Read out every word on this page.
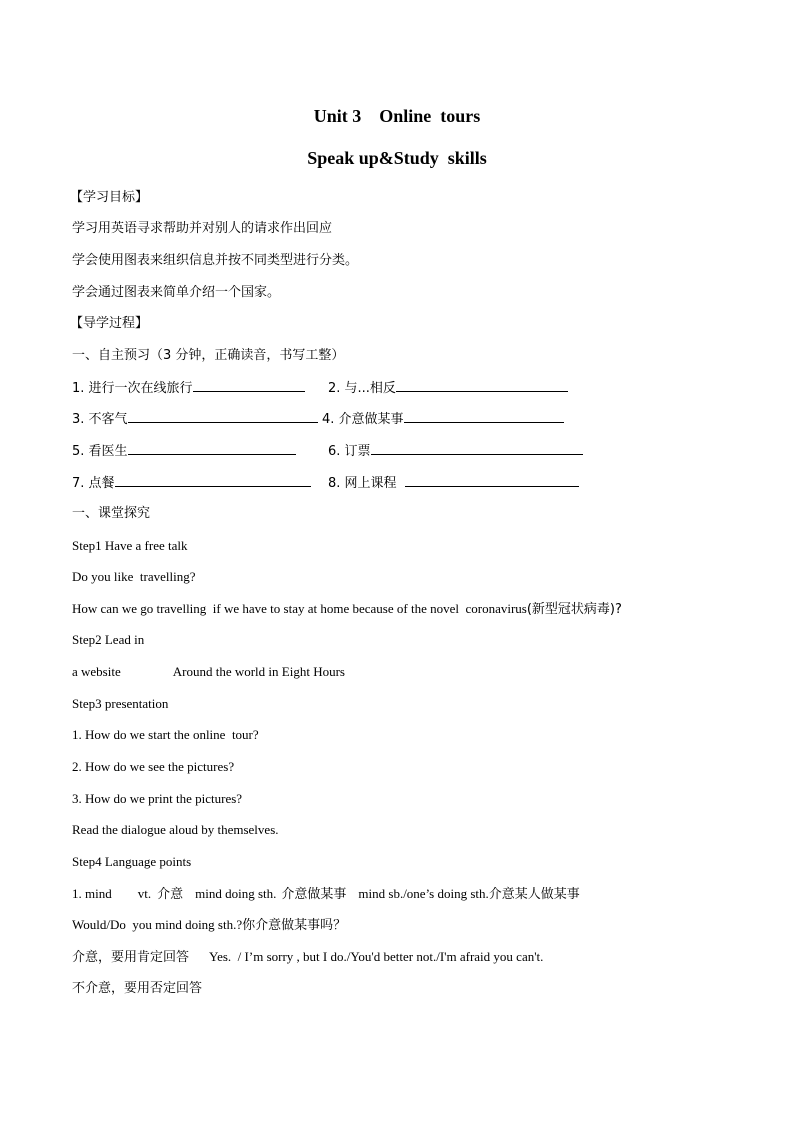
Unit 3    Online  tours
Speak up&Study  skills
【学习目标】
学习用英语寻求帮助并对别人的请求作出回应
学会使用图表来组织信息并按不同类型进行分类。
学会通过图表来简单介绍一个国家。
【导学过程】
一、自主预习（3 分钟，正确读音，书写工整）
1. 进行一次在线旅行	2. 与...相反
3. 不客气	4. 介意做某事
5. 看医生	6. 订票
7. 点餐	8. 网上课程
一、课堂探究
Step1 Have a free talk
Do you like  travelling?
How can we go travelling  if we have to stay at home because of the novel  coronavirus(新型冠状病毒)?
Step2 Lead in
a website	Around the world in Eight Hours
Step3 presentation
1. How do we start the online  tour?
2. How do we see the pictures?
3. How do we print the pictures?
Read the dialogue aloud by themselves.
Step4 Language points
1. mind vt. 介意 mind doing sth. 介意做某事 mind sb./one’s doing sth.介意某人做某事
Would/Do  you mind doing sth.?你介意做某事吗？
介意，要用肯定回答 Yes.  / I’m sorry , but I do./You'd better not./I'm afraid you can't.
不介意，要用否定回答
